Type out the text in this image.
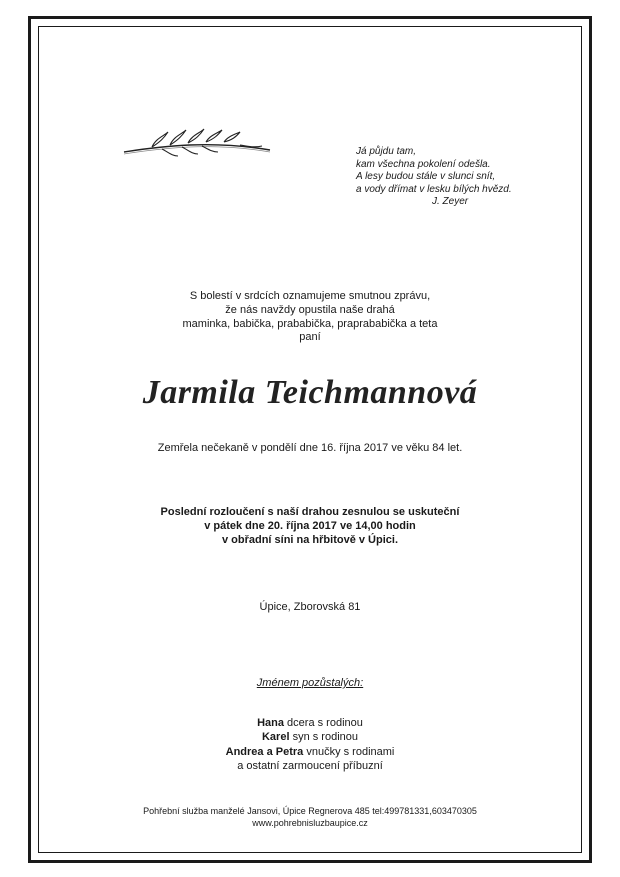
Já půjdu tam,
kam všechna pokolení odešla.
A lesy budou stále v slunci snít,
a vody dřímat v lesku bílých hvězd.
J. Zeyer
S bolestí v srdcích oznamujeme smutnou zprávu,
že nás navždy opustila naše drahá
maminka, babička, prababička, praprababička a teta
paní
Jarmila Teichmannová
Zemřela nečekaně v pondělí dne 16. října 2017 ve věku 84 let.
Poslední rozloučení s naší drahou zesnulou se uskuteční
v pátek dne 20. října 2017 ve 14,00 hodin
v obřadní síni na hřbitově v Úpici.
Úpice, Zborovská 81
Jménem pozůstalých:
Hana dcera s rodinou
Karel syn s rodinou
Andrea a Petra vnučky s rodinami
a ostatní zarmoucení příbuzní
Pohřební služba manželé Jansovi, Úpice Regnerova 485 tel:499781331,603470305
www.pohrebnisluzbaupice.cz
